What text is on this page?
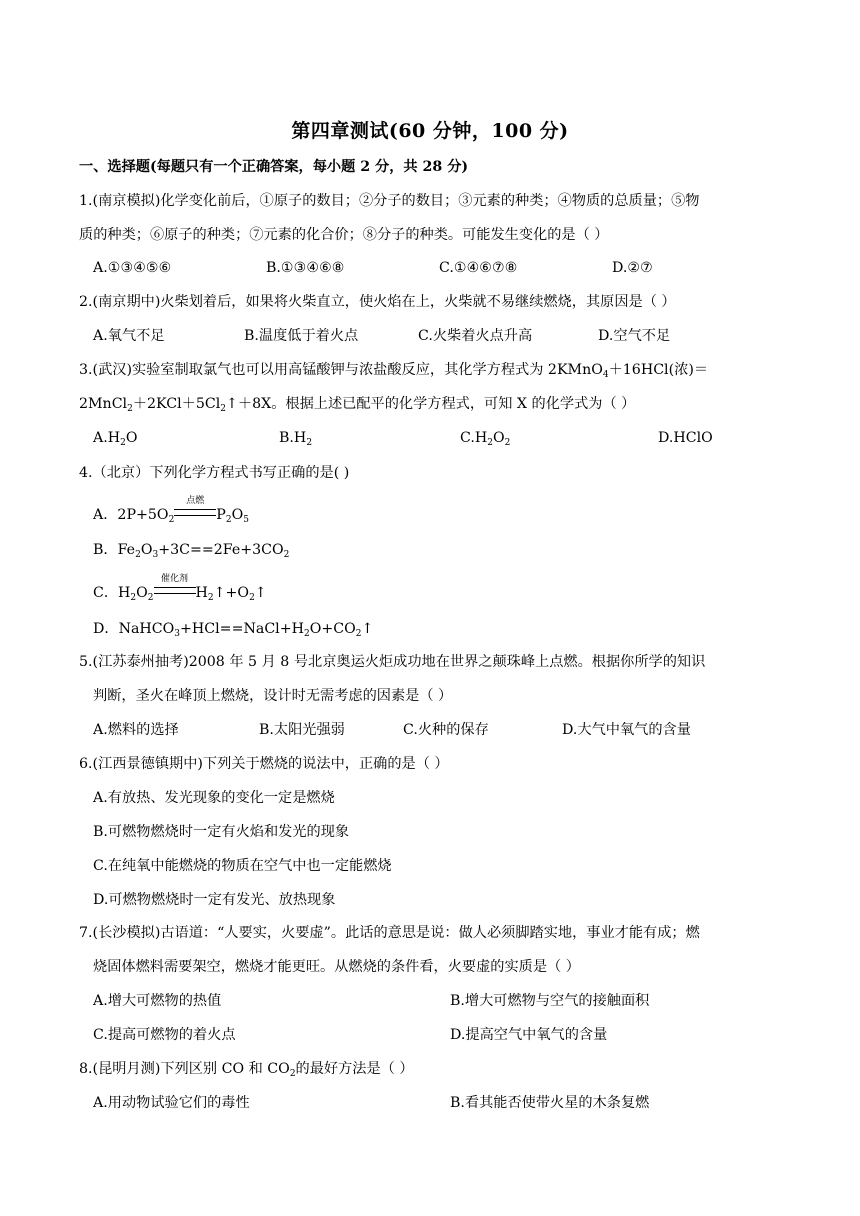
第四章测试(60 分钟，100 分)
一、选择题(每题只有一个正确答案，每小题 2 分，共 28 分)
1.(南京模拟)化学变化前后，①原子的数目；②分子的数目；③元素的种类；④物质的总质量；⑤物
质的种类；⑥原子的种类；⑦元素的化合价；⑧分子的种类。可能发生变化的是（ ）
A.①③④⑤⑥	B.①③④⑥⑧	C.①④⑥⑦⑧	D.②⑦
2.(南京期中)火柴划着后，如果将火柴直立，使火焰在上，火柴就不易继续燃烧，其原因是（ ）
A.氧气不足	B.温度低于着火点	C.火柴着火点升高	D.空气不足
3.(武汉)实验室制取氯气也可以用高锰酸钾与浓盐酸反应，其化学方程式为 2KMnO$_4$＋16HCl(浓)＝
$2MnCl_2+2KCl+5Cl_2↑+8X$。根据上述已配平的化学方程式，可知 X 的化学式为（ ）
$A.H_2O$	$B.H_2$	$C.H_2O_2$	D.HClO
4.（北京）下列化学方程式书写正确的是( )
A．$2P+5O_2$
点燃
$P_2O_5$
B．$Fe_2O_3+3C==2Fe+3CO_2$
C．$H_2O_2$
催化剂
$H_2↑+O_2↑$
D．$NaHCO_3+HCl==NaCl+H_2O+CO_2↑$
5.(江苏泰州抽考)2008 年 5 月 8 号北京奥运火炬成功地在世界之颠珠峰上点燃。根据你所学的知识
判断，圣火在峰顶上燃烧，设计时无需考虑的因素是（ ）
A.燃料的选择	B.太阳光强弱	C.火种的保存	D.大气中氧气的含量
6.(江西景德镇期中)下列关于燃烧的说法中，正确的是（ ）
A.有放热、发光现象的变化一定是燃烧
B.可燃物燃烧时一定有火焰和发光的现象
C.在纯氧中能燃烧的物质在空气中也一定能燃烧
D.可燃物燃烧时一定有发光、放热现象
7.(长沙模拟)古语道：“人要实，火要虚”。此话的意思是说：做人必须脚踏实地，事业才能有成；燃
烧固体燃料需要架空，燃烧才能更旺。从燃烧的条件看，火要虚的实质是（ ）
A.增大可燃物的热值	B.增大可燃物与空气的接触面积
C.提高可燃物的着火点	D.提高空气中氧气的含量
8.(昆明月测)下列区别 CO 和 $CO_2$的最好方法是（ ）
A.用动物试验它们的毒性	B.看其能否使带火星的木条复燃
